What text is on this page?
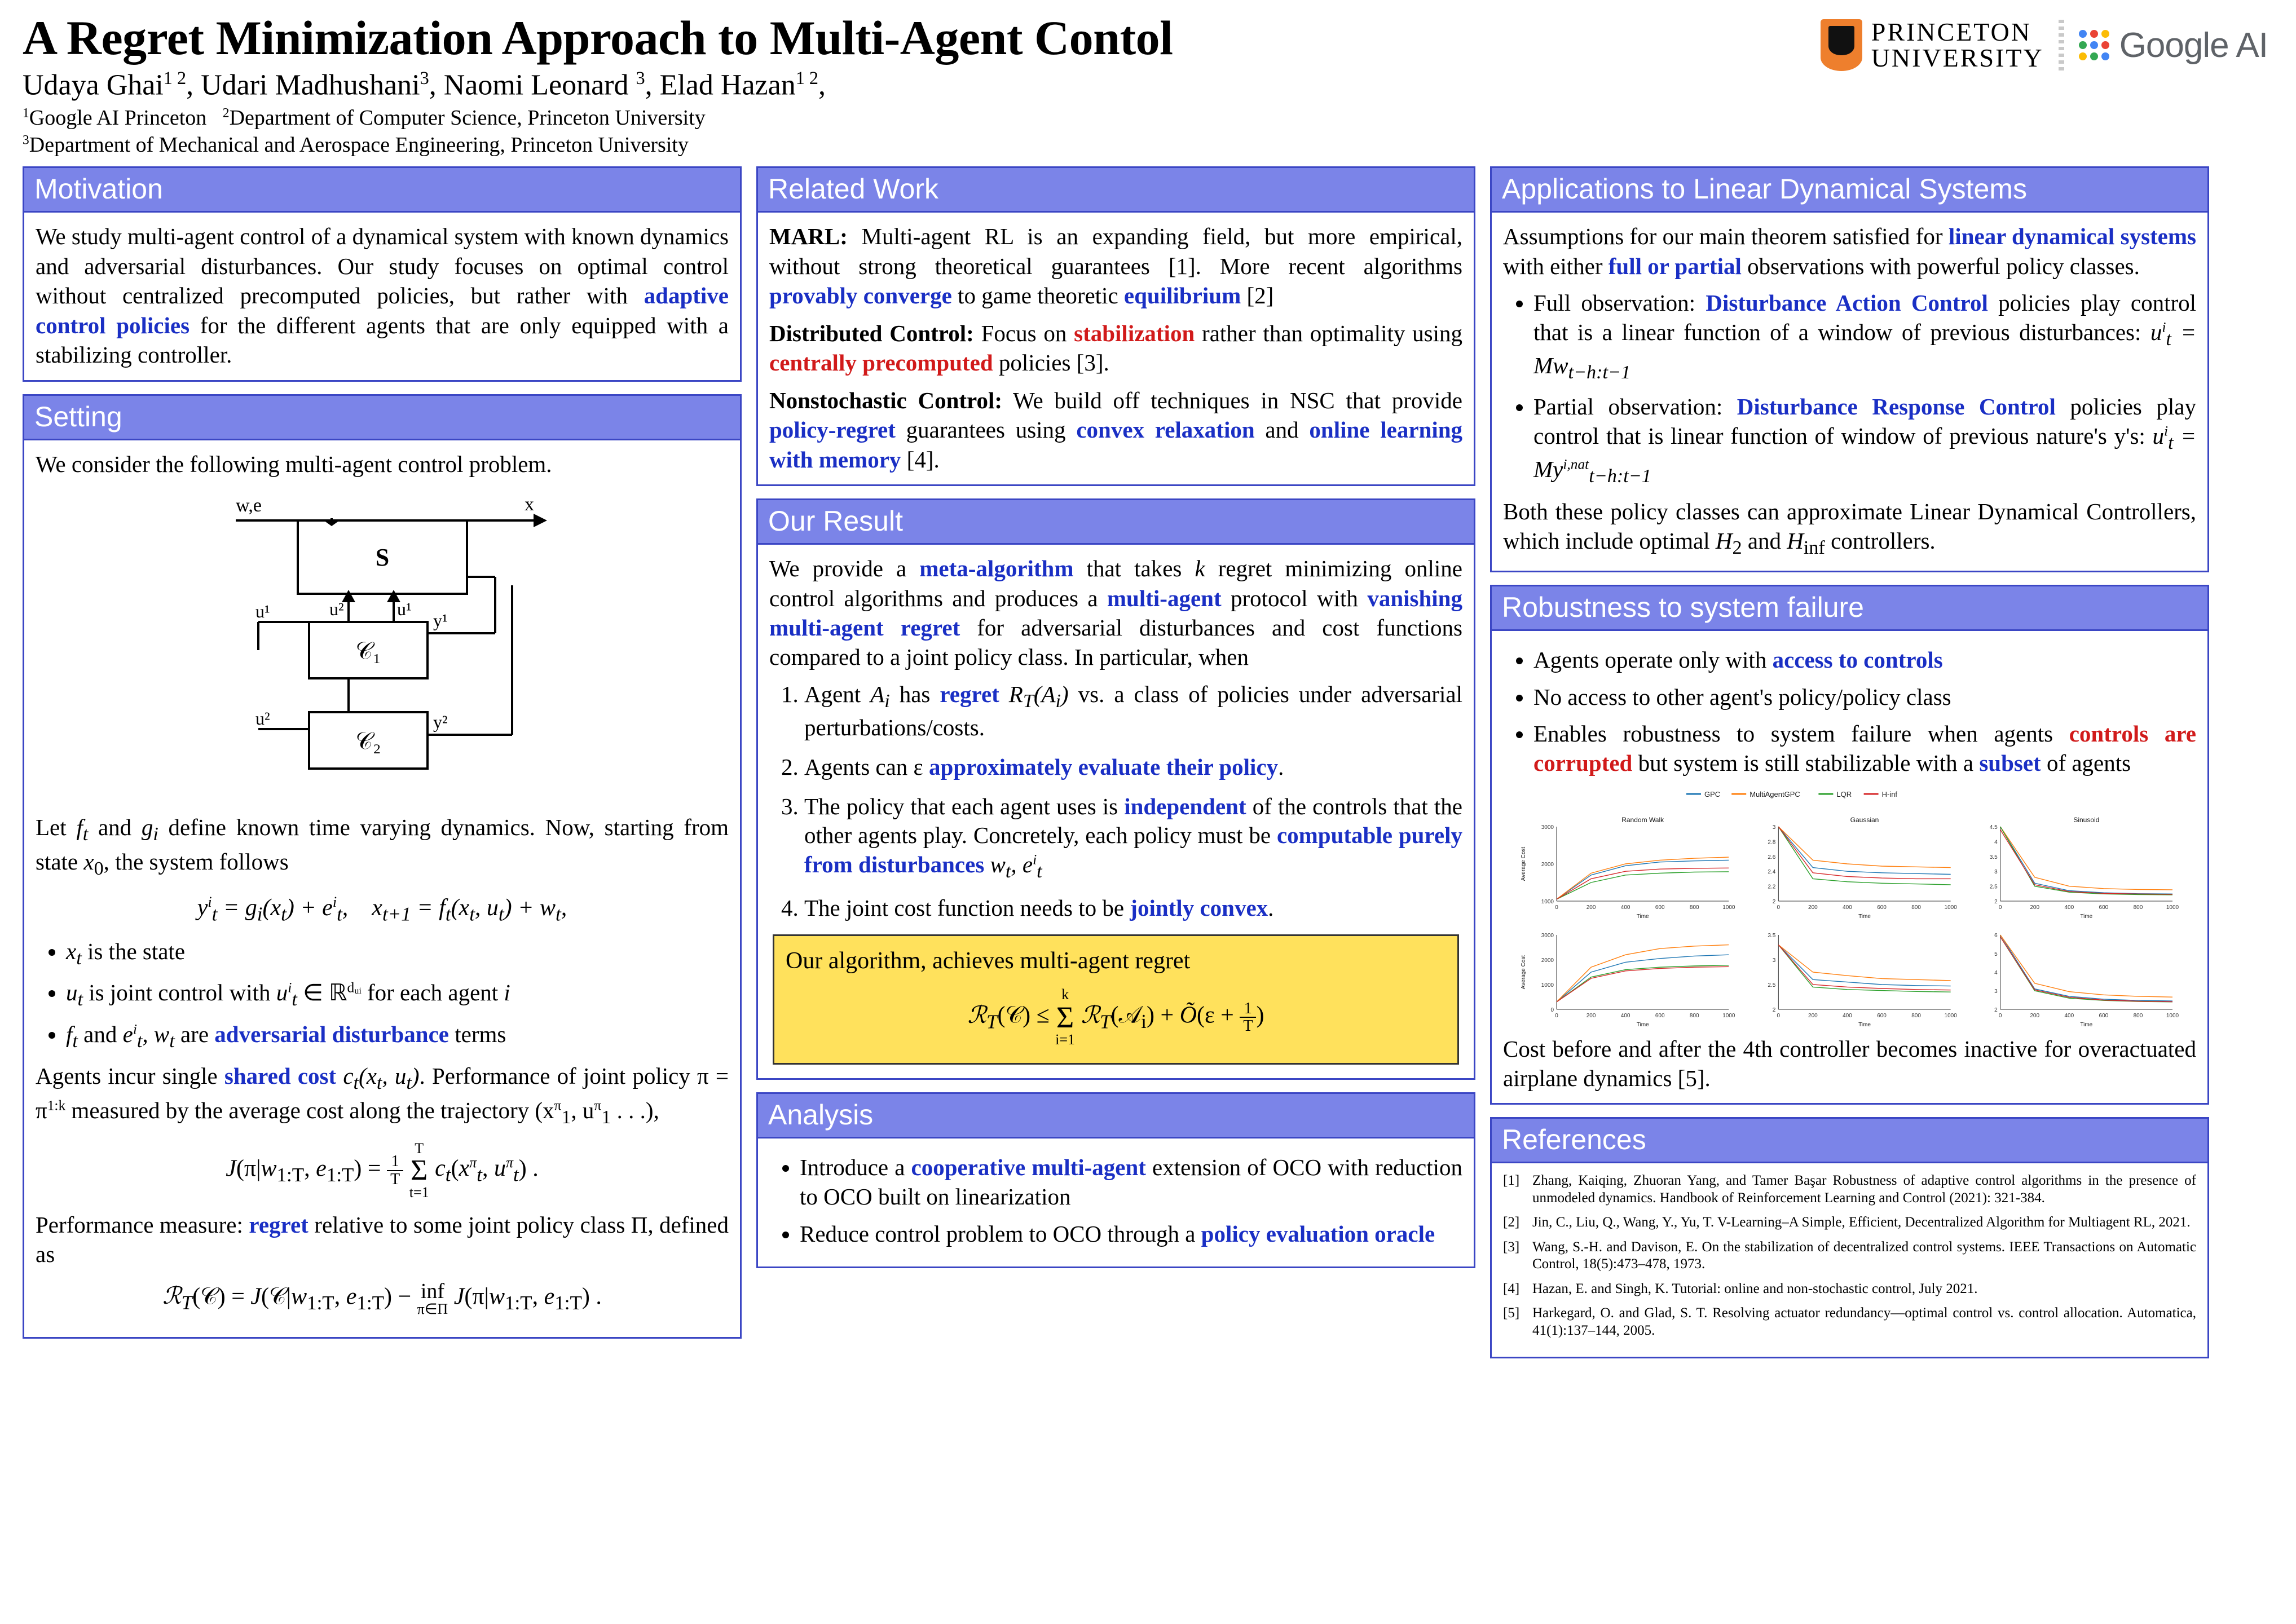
A Regret Minimization Approach to Multi-Agent Contol
Udaya Ghai$^{1 2}$, Udari Madhushani$^3$, Naomi Leonard $^3$, Elad Hazan$^{1 2}$,
$^1$Google AI Princeton   $^2$Department of Computer Science, Princeton University
$^3$Department of Mechanical and Aerospace Engineering, Princeton University
PRINCETON
UNIVERSITY Google AI
Motivation

We study multi-agent control of a dynamical system with known dynamics and adversarial disturbances. Our study focuses on optimal control without centralized precomputed policies, but rather with adaptive control policies for the different agents that are only equipped with a stabilizing controller.

Setting

We consider the following multi-agent control problem.

S
w,e	x
𝒞₁
𝒞₂
u¹
u²
y¹
y²
u²	u¹

Let $f_t$ and $g_i$ define known time varying dynamics. Now, starting from state $x_0$, the system follows

$y^i_t = g_i(x_t) + e^i_t$, $x_{t+1} = f_t(x_t$, $u_t) + w_t$,
• $x_t$ is the state
• $u_t$ is joint control with $u^i_t$ ∈ ℝ$^{dᵤᵢ}$ for each agent i
• $f_t$ and $e^i_t$, $w_t$ are adversarial disturbance terms

Agents incur single shared cost $c_t(x_t$, $u_t$). Performance of joint policy $\pi = \pi^{1:k}$ measured by the average cost along the trajectory ($x^\pi_1$, $u^\pi_1$ . . .),

$J(\pi|w_{1:T}$, $e_{1:T}) = \frac{1}{T}$

T
Σ
t=1
$c_t(x^\pi_t$, $u^\pi_t$) .

Performance measure: regret relative to some joint policy class Π, defined as

ℛ$_T$(𝒞) = $J(𝒞|w_{1:T}$, $e_{1:T}$) − inf
π∈Π $J(\pi|w_{1:T}$, $e_{1:T}$) .
Related Work

MARL: Multi-agent RL is an expanding field, but more empirical, without strong theoretical guarantees [1]. More recent algorithms provably converge to game theoretic equilibrium [2]

Distributed Control: Focus on stabilization rather than optimality using centrally precomputed policies [3].

Nonstochastic Control: We build off techniques in NSC that provide policy-regret guarantees using convex relaxation and online learning with memory [4].

Our Result

We provide a meta-algorithm that takes k regret minimizing online control algorithms and produces a multi-agent protocol with vanishing multi-agent regret for adversarial disturbances and cost functions compared to a joint policy class. In particular, when

1. Agent $A_i$ has regret $R_T(A_i)$ vs. a class of policies under adversarial perturbations/costs.
2. Agents can ε approximately evaluate their policy.
3. The policy that each agent uses is independent of the controls that the other agents play. Concretely, each policy must be computable purely from disturbances $w_t$, $e^i_t$
4. The joint cost function needs to be jointly convex.
Our algorithm, achieves multi-agent regret
ℛ$_T$(𝒞) ≤
k
Σ
i=1
ℛ$_T$(𝒜$_i$) + Õ(ε + $\frac{1}{T}$ )
Analysis
• Introduce a cooperative multi-agent extension of OCO with reduction to OCO built on linearization
• Reduce control problem to OCO through a policy evaluation oracle
Applications to Linear Dynamical Systems

Assumptions for our main theorem satisfied for linear dynamical systems with either full or partial observations with powerful policy classes.

• Full observation: Disturbance Action Control policies play control that is a linear function of a window of previous disturbances: $u^i_t = Mw_{t-h:t-1}$
• Partial observation: Disturbance Response Control policies play control that is linear function of window of previous nature's y's: $u^i_t = My^{i,nat}_{t-h:t-1}$

Both these policy classes can approximate Linear Dynamical Controllers, which include optimal $H_2$ and $H_{inf}$ controllers.

Robustness to system failure
• Agents operate only with access to controls
• No access to other agent's policy/policy class
• Enables robustness to system failure when agents controls are corrupted but system is still stabilizable with a subset of agents
GPC	MultiAgentGPC	LQR	H-inf
Random Walk
1000
2000
3000
0	200	400	600	800	1000
Time
Average Cost
Gaussian
2
2.2
2.4
2.6
2.8
3
0	200	400	600	800	1000
Time
Sinusoid
2
2.5
3
3.5
4
4.5
0	200	400	600	800	1000
Time
0
1000
2000
3000
0	200	400	600	800	1000
Time
Average Cost
2
2.5
3
3.5
0	200	400	600	800	1000
Time
2
3
4
5
6
0	200	400	600	800	1000
Time

Cost before and after the 4th controller becomes inactive for overactuated airplane dynamics [5].

References
[1] Zhang, Kaiqing, Zhuoran Yang, and Tamer Başar Robustness of adaptive control algorithms in the presence of unmodeled dynamics. Handbook of Reinforcement Learning and Control (2021): 321-384.
[2] Jin, C., Liu, Q., Wang, Y., Yu, T. V-Learning–A Simple, Efficient, Decentralized Algorithm for Multiagent RL, 2021.
[3] Wang, S.-H. and Davison, E. On the stabilization of decentralized control systems. IEEE Transactions on Automatic Control, 18(5):473–478, 1973.
[4] Hazan, E. and Singh, K. Tutorial: online and non-stochastic control, July 2021.
[5] Harkegard, O. and Glad, S. T. Resolving actuator redundancy—optimal control vs. control allocation. Automatica, 41(1):137–144, 2005.
